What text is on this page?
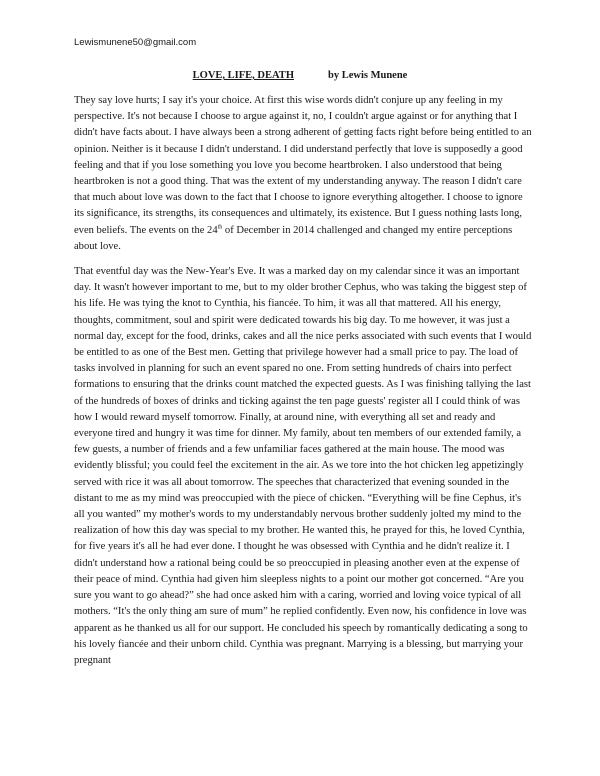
Lewismunene50@gmail.com
LOVE, LIFE, DEATH	by Lewis Munene

They say love hurts; I say it's your choice. At first this wise words didn't conjure up any feeling in my perspective. It's not because I choose to argue against it, no, I couldn't argue against or for anything that I didn't have facts about. I have always been a strong adherent of getting facts right before being entitled to an opinion. Neither is it because I didn't understand. I did understand perfectly that love is supposedly a good feeling and that if you lose something you love you become heartbroken. I also understood that being heartbroken is not a good thing. That was the extent of my understanding anyway. The reason I didn't care that much about love was down to the fact that I choose to ignore everything altogether. I choose to ignore its significance, its strengths, its consequences and ultimately, its existence. But I guess nothing lasts long, even beliefs. The events on the 24th of December in 2014 challenged and changed my entire perceptions about love.

That eventful day was the New-Year's Eve. It was a marked day on my calendar since it was an important day. It wasn't however important to me, but to my older brother Cephus, who was taking the biggest step of his life. He was tying the knot to Cynthia, his fiancée. To him, it was all that mattered. All his energy, thoughts, commitment, soul and spirit were dedicated towards his big day. To me however, it was just a normal day, except for the food, drinks, cakes and all the nice perks associated with such events that I would be entitled to as one of the Best men. Getting that privilege however had a small price to pay. The load of tasks involved in planning for such an event spared no one. From setting hundreds of chairs into perfect formations to ensuring that the drinks count matched the expected guests. As I was finishing tallying the last of the hundreds of boxes of drinks and ticking against the ten page guests' register all I could think of was how I would reward myself tomorrow. Finally, at around nine, with everything all set and ready and everyone tired and hungry it was time for dinner. My family, about ten members of our extended family, a few guests, a number of friends and a few unfamiliar faces gathered at the main house. The mood was evidently blissful; you could feel the excitement in the air. As we tore into the hot chicken leg appetizingly served with rice it was all about tomorrow. The speeches that characterized that evening sounded in the distant to me as my mind was preoccupied with the piece of chicken. “Everything will be fine Cephus, it's all you wanted” my mother's words to my understandably nervous brother suddenly jolted my mind to the realization of how this day was special to my brother. He wanted this, he prayed for this, he loved Cynthia, for five years it's all he had ever done. I thought he was obsessed with Cynthia and he didn't realize it. I didn't understand how a rational being could be so preoccupied in pleasing another even at the expense of their peace of mind. Cynthia had given him sleepless nights to a point our mother got concerned. “Are you sure you want to go ahead?” she had once asked him with a caring, worried and loving voice typical of all mothers. “It's the only thing am sure of mum” he replied confidently. Even now, his confidence in love was apparent as he thanked us all for our support. He concluded his speech by romantically dedicating a song to his lovely fiancée and their unborn child. Cynthia was pregnant. Marrying is a blessing, but marrying your pregnant
